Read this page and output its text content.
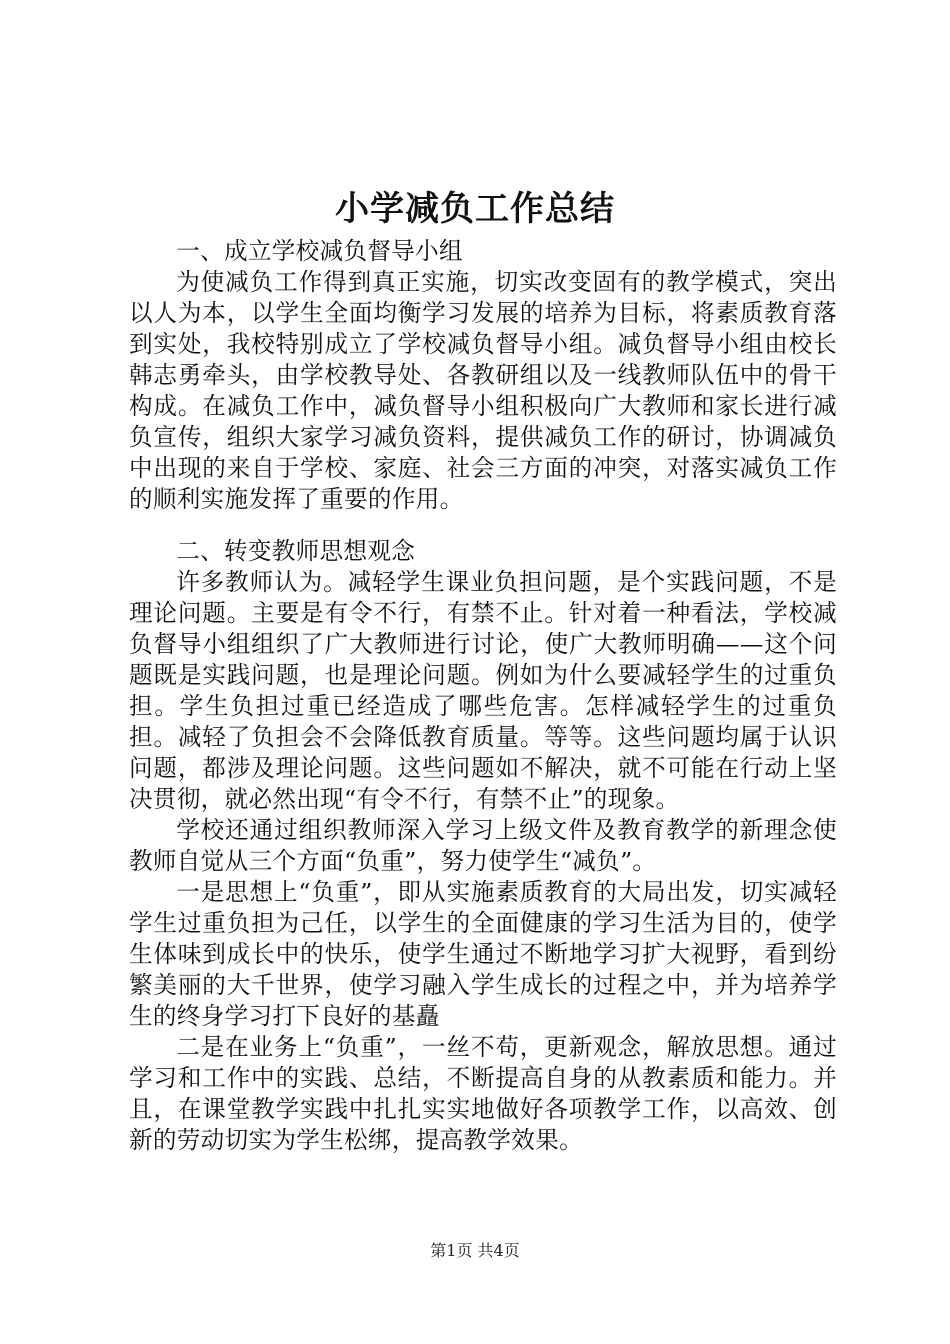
小学减负工作总结

一、成立学校减负督导小组

为使减负工作得到真正实施，切实改变固有的教学模式，突出以人为本，以学生全面均衡学习发展的培养为目标，将素质教育落到实处，我校特别成立了学校减负督导小组。减负督导小组由校长韩志勇牵头，由学校教导处、各教研组以及一线教师队伍中的骨干构成。在减负工作中，减负督导小组积极向广大教师和家长进行减负宣传，组织大家学习减负资料，提供减负工作的研讨，协调减负中出现的来自于学校、家庭、社会三方面的冲突，对落实减负工作的顺利实施发挥了重要的作用。

二、转变教师思想观念

许多教师认为。减轻学生课业负担问题，是个实践问题，不是理论问题。主要是有令不行，有禁不止。针对着一种看法，学校减负督导小组组织了广大教师进行讨论，使广大教师明确——这个问题既是实践问题，也是理论问题。例如为什么要减轻学生的过重负担。学生负担过重已经造成了哪些危害。怎样减轻学生的过重负担。减轻了负担会不会降低教育质量。等等。这些问题均属于认识问题，都涉及理论问题。这些问题如不解决，就不可能在行动上坚决贯彻，就必然出现“有令不行，有禁不止”的现象。

学校还通过组织教师深入学习上级文件及教育教学的新理念使教师自觉从三个方面“负重”，努力使学生“减负”。

一是思想上“负重”，即从实施素质教育的大局出发，切实减轻学生过重负担为己任，以学生的全面健康的学习生活为目的，使学生体味到成长中的快乐，使学生通过不断地学习扩大视野，看到纷繁美丽的大千世界，使学习融入学生成长的过程之中，并为培养学生的终身学习打下良好的基矗

二是在业务上“负重”，一丝不苟，更新观念，解放思想。通过学习和工作中的实践、总结，不断提高自身的从教素质和能力。并且，在课堂教学实践中扎扎实实地做好各项教学工作，以高效、创新的劳动切实为学生松绑，提高教学效果。

第1页 共4页
